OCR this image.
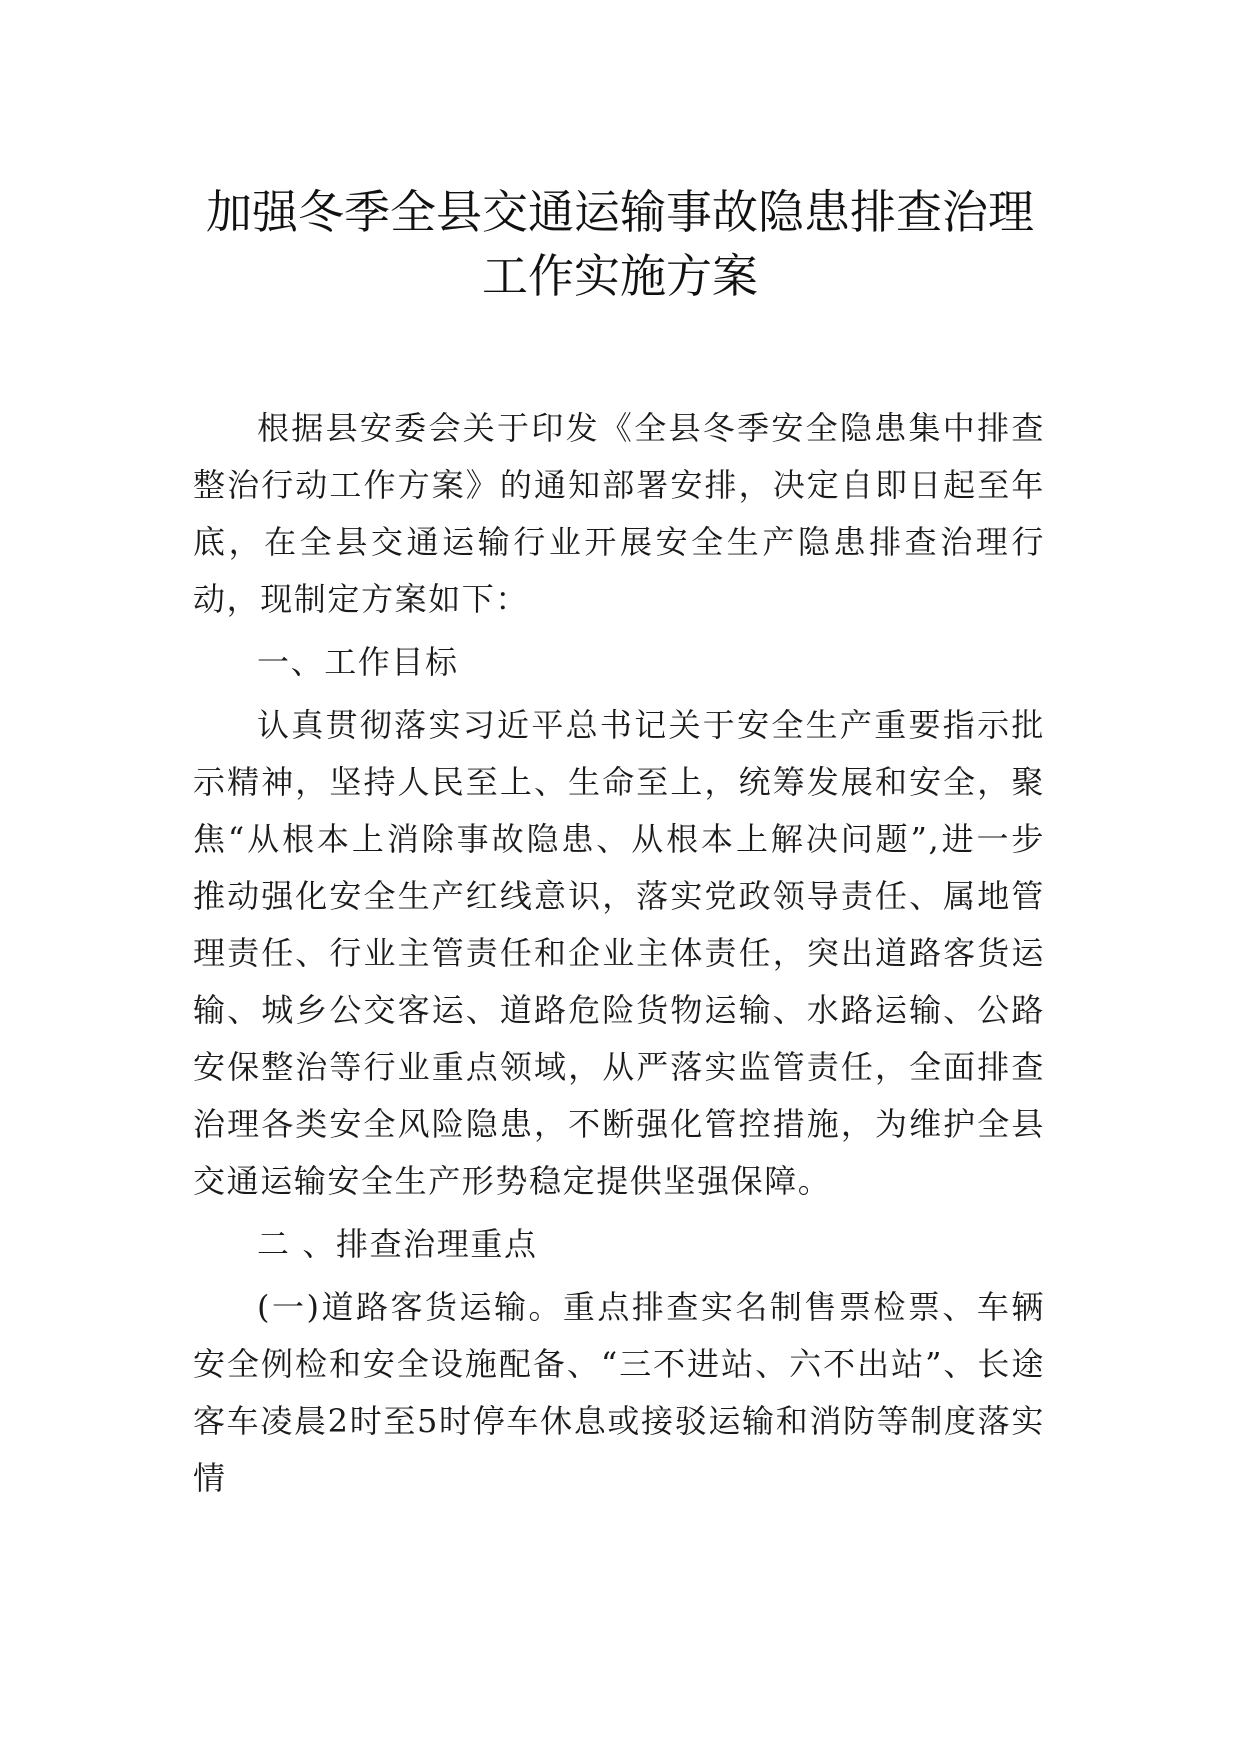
加强冬季全县交通运输事故隐患排查治理
工作实施方案

根据县安委会关于印发《全县冬季安全隐患集中排查整治行动工作方案》的通知部署安排，决定自即日起至年底，在全县交通运输行业开展安全生产隐患排查治理行动，现制定方案如下：

一、工作目标

认真贯彻落实习近平总书记关于安全生产重要指示批示精神，坚持人民至上、生命至上，统筹发展和安全，聚焦“从根本上消除事故隐患、从根本上解决问题”,进一步推动强化安全生产红线意识，落实党政领导责任、属地管理责任、行业主管责任和企业主体责任，突出道路客货运输、城乡公交客运、道路危险货物运输、水路运输、公路安保整治等行业重点领域，从严落实监管责任，全面排查治理各类安全风险隐患，不断强化管控措施，为维护全县交通运输安全生产形势稳定提供坚强保障。

二 、排查治理重点

(一)道路客货运输。重点排查实名制售票检票、车辆安全例检和安全设施配备、“三不进站、六不出站”、长途客车凌晨2时至5时停车休息或接驳运输和消防等制度落实情
